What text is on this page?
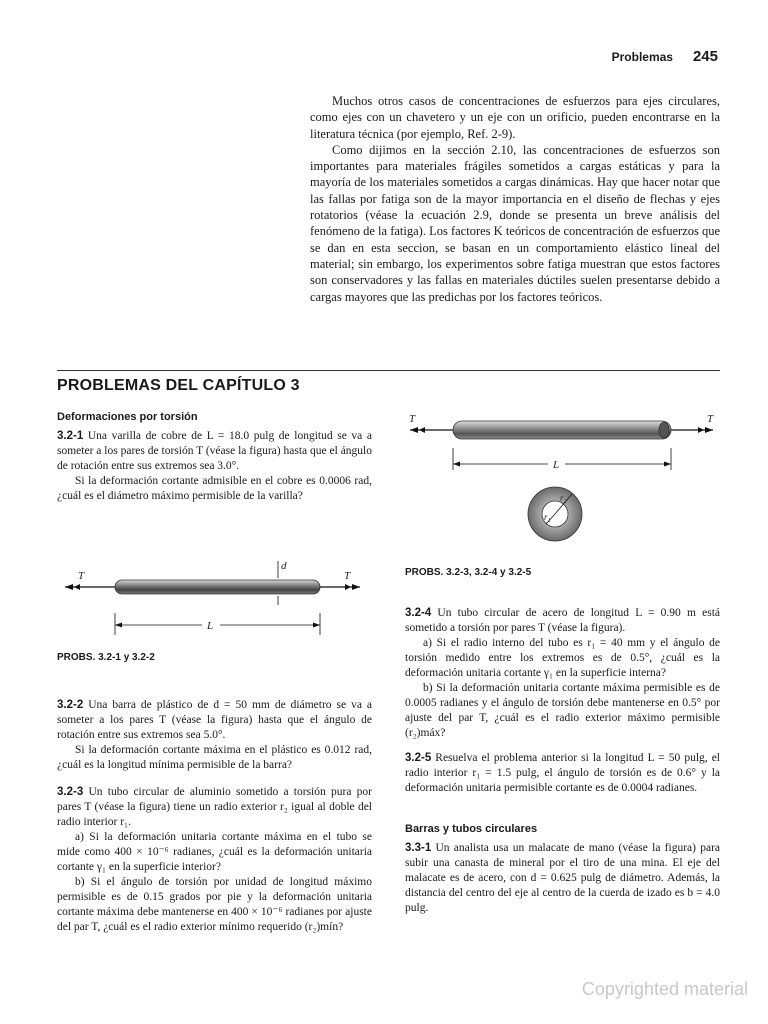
Problemas 245

Muchos otros casos de concentraciones de esfuerzos para ejes circulares, como ejes con un chavetero y un eje con un orificio, pueden encontrarse en la literatura técnica (por ejemplo, Ref. 2-9).

Como dijimos en la sección 2.10, las concentraciones de esfuerzos son importantes para materiales frágiles sometidos a cargas estáticas y para la mayoría de los materiales sometidos a cargas dinámicas. Hay que hacer notar que las fallas por fatiga son de la mayor importancia en el diseño de flechas y ejes rotatorios (véase la ecuación 2.9, donde se presenta un breve análisis del fenómeno de la fatiga). Los factores K teóricos de concentración de esfuerzos que se dan en esta seccion, se basan en un comportamiento elástico lineal del material; sin embargo, los experimentos sobre fatiga muestran que estos factores son conservadores y las fallas en materiales dúctiles suelen presentarse debido a cargas mayores que las predichas por los factores teóricos.

PROBLEMAS DEL CAPÍTULO 3
Deformaciones por torsión

3.2-1 Una varilla de cobre de L = 18.0 pulg de longitud se va a someter a los pares de torsión T (véase la figura) hasta que el ángulo de rotación entre sus extremos sea 3.0°.

Si la deformación cortante admisible en el cobre es 0.0006 rad, ¿cuál es el diámetro máximo permisible de la varilla?

T	T
d
L
PROBS. 3.2-1 y 3.2-2

3.2-2 Una barra de plástico de d = 50 mm de diámetro se va a someter a los pares T (véase la figura) hasta que el ángulo de rotación entre sus extremos sea 5.0°.

Si la deformación cortante máxima en el plástico es 0.012 rad, ¿cuál es la longitud mínima permisible de la barra?

3.2-3 Un tubo circular de aluminio sometido a torsión pura por pares T (véase la figura) tiene un radio exterior r₂ igual al doble del radio interior r₁.

a) Si la deformación unitaria cortante máxima en el tubo se mide como 400 × 10⁻⁶ radianes, ¿cuál es la deformación unitaria cortante γ₁ en la superficie interior?

b) Si el ángulo de torsión por unidad de longitud máximo permisible es de 0.15 grados por pie y la deformación unitaria cortante máxima debe mantenerse en 400 × 10⁻⁶ radianes por ajuste del par T, ¿cuál es el radio exterior mínimo requerido (r₂)mín?

T	T
L
r₂
r₁
PROBS. 3.2-3, 3.2-4 y 3.2-5

3.2-4 Un tubo circular de acero de longitud L = 0.90 m está sometido a torsión por pares T (véase la figura).

a) Si el radio interno del tubo es r₁ = 40 mm y el ángulo de torsión medido entre los extremos es de 0.5°, ¿cuál es la deformación unitaria cortante γ₁ en la superficie interna?

b) Si la deformación unitaria cortante máxima permisible es de 0.0005 radianes y el ángulo de torsión debe mantenerse en 0.5° por ajuste del par T, ¿cuál es el radio exterior máximo permisible (r₂)máx?

3.2-5 Resuelva el problema anterior si la longitud L = 50 pulg, el radio interior r₁ = 1.5 pulg, el ángulo de torsión es de 0.6° y la deformación unitaria permisible cortante es de 0.0004 radianes.

Barras y tubos circulares

3.3-1 Un analista usa un malacate de mano (véase la figura) para subir una canasta de mineral por el tiro de una mina. El eje del malacate es de acero, con d = 0.625 pulg de diámetro. Además, la distancia del centro del eje al centro de la cuerda de izado es b = 4.0 pulg.

Copyrighted material
